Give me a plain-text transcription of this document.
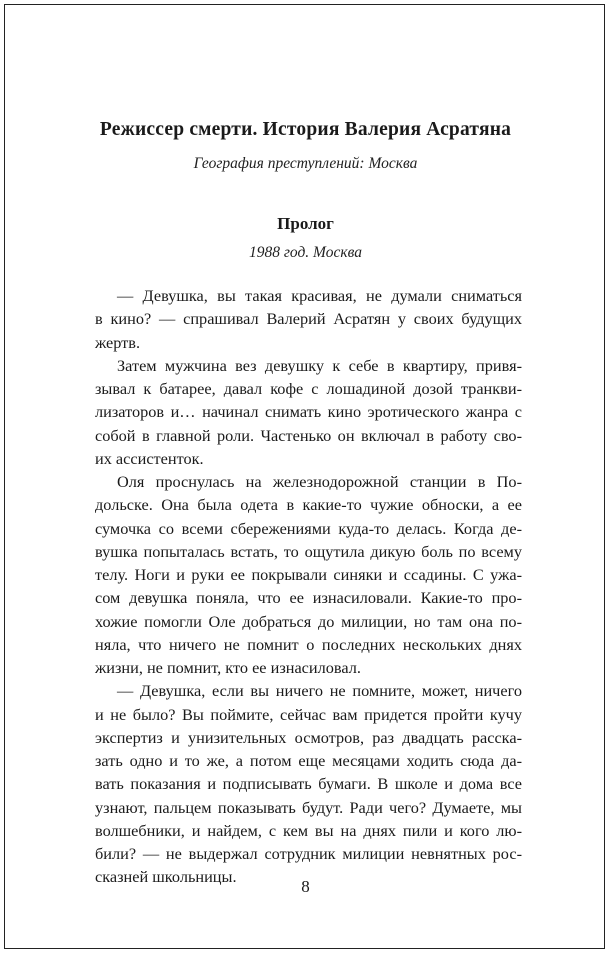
Режиссер смерти. История Валерия Асратяна
География преступлений: Москва
Пролог
1988 год. Москва
— Девушка, вы такая красивая, не думали сниматься
в кино? — спрашивал Валерий Асратян у своих будущих
жертв.
Затем мужчина вез девушку к себе в квартиру, привя-
зывал к батарее, давал кофе с лошадиной дозой транкви-
лизаторов и… начинал снимать кино эротического жанра с
собой в главной роли. Частенько он включал в работу сво-
их ассистенток.
Оля проснулась на железнодорожной станции в По-
дольске. Она была одета в какие-то чужие обноски, а ее
сумочка со всеми сбережениями куда-то делась. Когда де-
вушка попыталась встать, то ощутила дикую боль по всему
телу. Ноги и руки ее покрывали синяки и ссадины. С ужа-
сом девушка поняла, что ее изнасиловали. Какие-то про-
хожие помогли Оле добраться до милиции, но там она по-
няла, что ничего не помнит о последних нескольких днях
жизни, не помнит, кто ее изнасиловал.
— Девушка, если вы ничего не помните, может, ничего
и не было? Вы поймите, сейчас вам придется пройти кучу
экспертиз и унизительных осмотров, раз двадцать расска-
зать одно и то же, а потом еще месяцами ходить сюда да-
вать показания и подписывать бумаги. В школе и дома все
узнают, пальцем показывать будут. Ради чего? Думаете, мы
волшебники, и найдем, с кем вы на днях пили и кого лю-
били? — не выдержал сотрудник милиции невнятных рос-
сказней школьницы.
8
